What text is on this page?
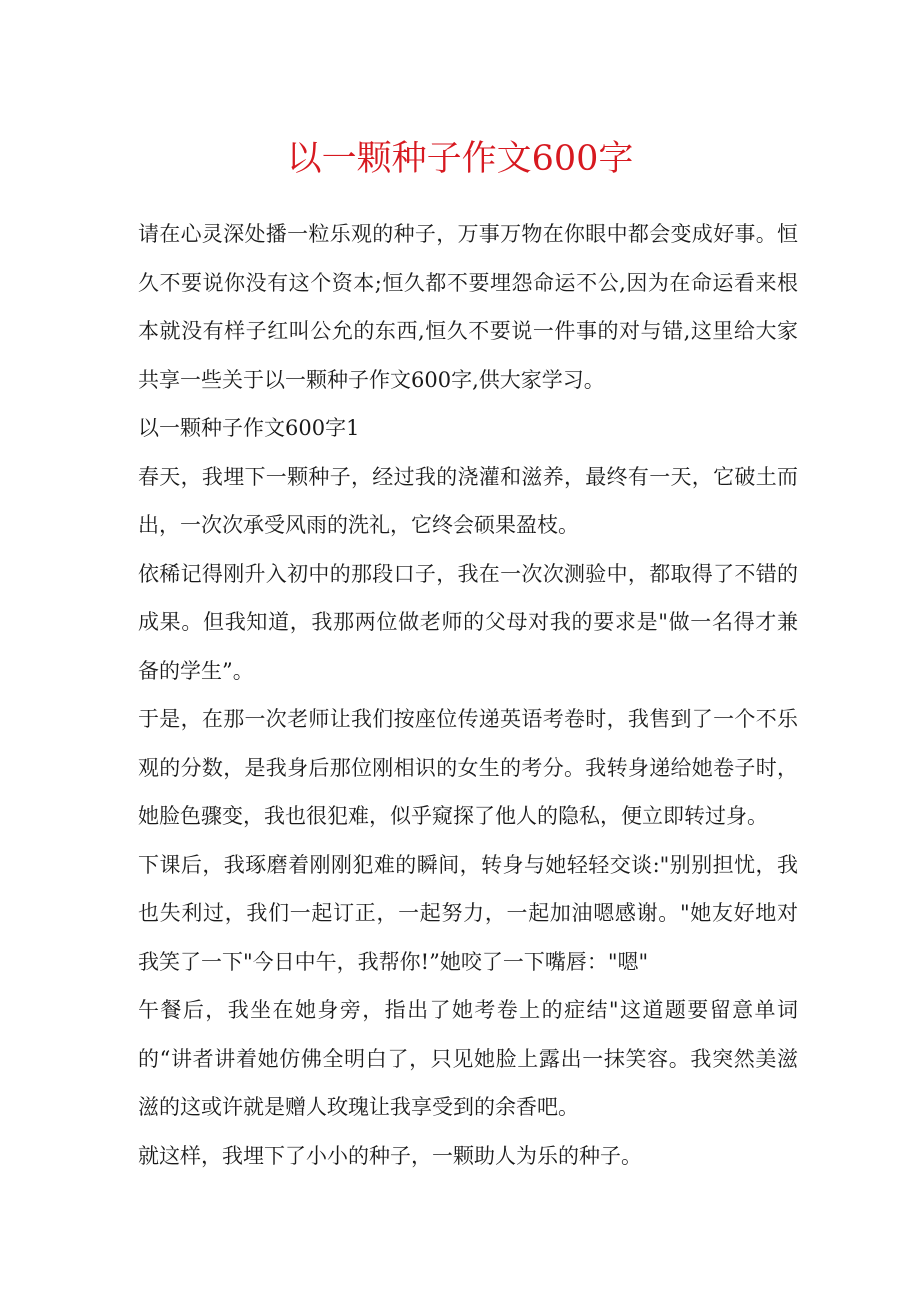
以一颗种子作文600字

请在心灵深处播一粒乐观的种子，万事万物在你眼中都会变成好事。恒久不要说你没有这个资本;恒久都不要埋怨命运不公,因为在命运看来根本就没有样子红叫公允的东西,恒久不要说一件事的对与错,这里给大家共享一些关于以一颗种子作文600字,供大家学习。

以一颗种子作文600字1

春天，我埋下一颗种子，经过我的浇灌和滋养，最终有一天，它破土而出，一次次承受风雨的洗礼，它终会硕果盈枝。

依稀记得刚升入初中的那段口子，我在一次次测验中，都取得了不错的成果。但我知道，我那两位做老师的父母对我的要求是"做一名得才兼备的学生”。

于是，在那一次老师让我们按座位传递英语考卷时，我售到了一个不乐观的分数，是我身后那位刚相识的女生的考分。我转身递给她卷子时，她脸色骤变，我也很犯难，似乎窥探了他人的隐私，便立即转过身。

下课后，我琢磨着刚刚犯难的瞬间，转身与她轻轻交谈:"别别担忧，我也失利过，我们一起订正，一起努力，一起加油嗯感谢。"她友好地对我笑了一下"今日中午，我帮你!”她咬了一下嘴唇："嗯"

午餐后，我坐在她身旁，指出了她考卷上的症结"这道题要留意单词的“讲者讲着她仿佛全明白了，只见她脸上露出一抹笑容。我突然美滋滋的这或许就是赠人玫瑰让我享受到的余香吧。

就这样，我埋下了小小的种子，一颗助人为乐的种子。
